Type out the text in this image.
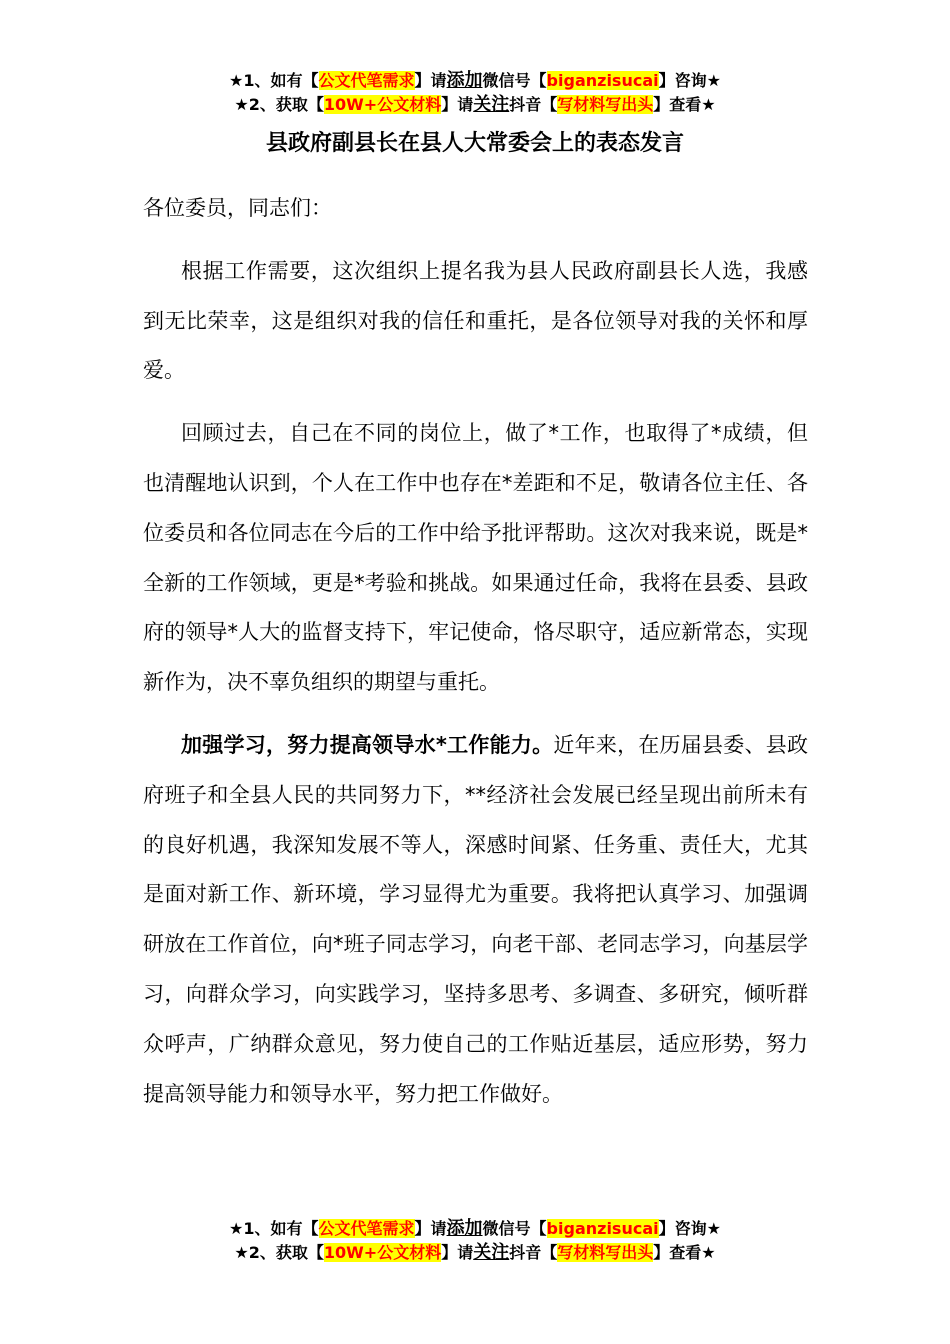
★1、如有【公文代笔需求】请添加微信号【biganzisucai】咨询★
★2、获取【10W+公文材料】请关注抖音【写材料写出头】查看★
县政府副县长在县人大常委会上的表态发言

各位委员，同志们：

根据工作需要，这次组织上提名我为县人民政府副县长人选，我感到无比荣幸，这是组织对我的信任和重托，是各位领导对我的关怀和厚爱。

回顾过去，自己在不同的岗位上，做了*工作，也取得了*成绩，但也清醒地认识到，个人在工作中也存在*差距和不足，敬请各位主任、各位委员和各位同志在今后的工作中给予批评帮助。这次对我来说，既是*全新的工作领域，更是*考验和挑战。如果通过任命，我将在县委、县政府的领导*人大的监督支持下，牢记使命，恪尽职守，适应新常态，实现新作为，决不辜负组织的期望与重托。

加强学习，努力提高领导水*工作能力。近年来，在历届县委、县政府班子和全县人民的共同努力下，**经济社会发展已经呈现出前所未有的良好机遇，我深知发展不等人，深感时间紧、任务重、责任大，尤其是面对新工作、新环境，学习显得尤为重要。我将把认真学习、加强调研放在工作首位，向*班子同志学习，向老干部、老同志学习，向基层学习，向群众学习，向实践学习，坚持多思考、多调查、多研究，倾听群众呼声，广纳群众意见，努力使自己的工作贴近基层，适应形势，努力提高领导能力和领导水平，努力把工作做好。

★1、如有【公文代笔需求】请添加微信号【biganzisucai】咨询★
★2、获取【10W+公文材料】请关注抖音【写材料写出头】查看★
